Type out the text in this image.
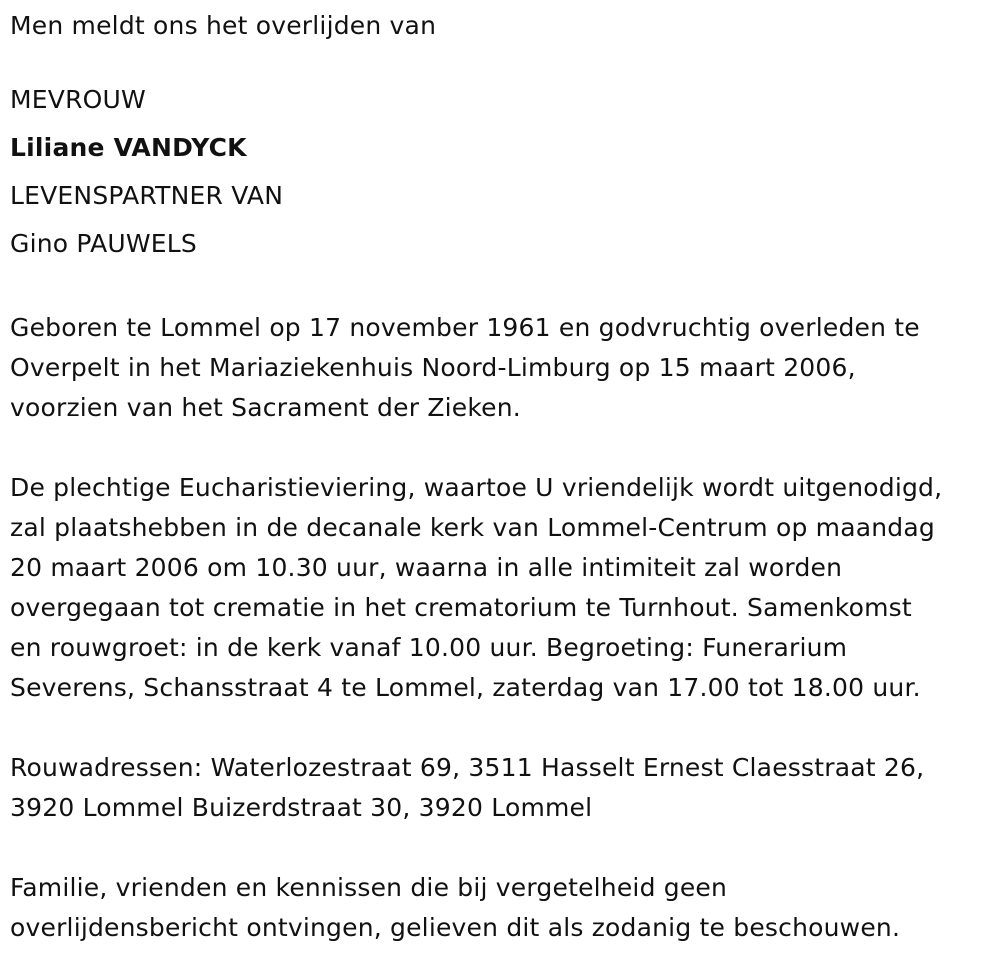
Men meldt ons het overlijden van

MEVROUW

Liliane VANDYCK

LEVENSPARTNER VAN

Gino PAUWELS

Geboren te Lommel op 17 november 1961 en godvruchtig overleden te

Overpelt in het Mariaziekenhuis Noord-Limburg op 15 maart 2006,

voorzien van het Sacrament der Zieken.

De plechtige Eucharistieviering, waartoe U vriendelijk wordt uitgenodigd,

zal plaatshebben in de decanale kerk van Lommel-Centrum op maandag

20 maart 2006 om 10.30 uur, waarna in alle intimiteit zal worden

overgegaan tot crematie in het crematorium te Turnhout. Samenkomst

en rouwgroet: in de kerk vanaf 10.00 uur. Begroeting: Funerarium

Severens, Schansstraat 4 te Lommel, zaterdag van 17.00 tot 18.00 uur.

Rouwadressen: Waterlozestraat 69, 3511 Hasselt Ernest Claesstraat 26,

3920 Lommel Buizerdstraat 30, 3920 Lommel

Familie, vrienden en kennissen die bij vergetelheid geen

overlijdensbericht ontvingen, gelieven dit als zodanig te beschouwen.
